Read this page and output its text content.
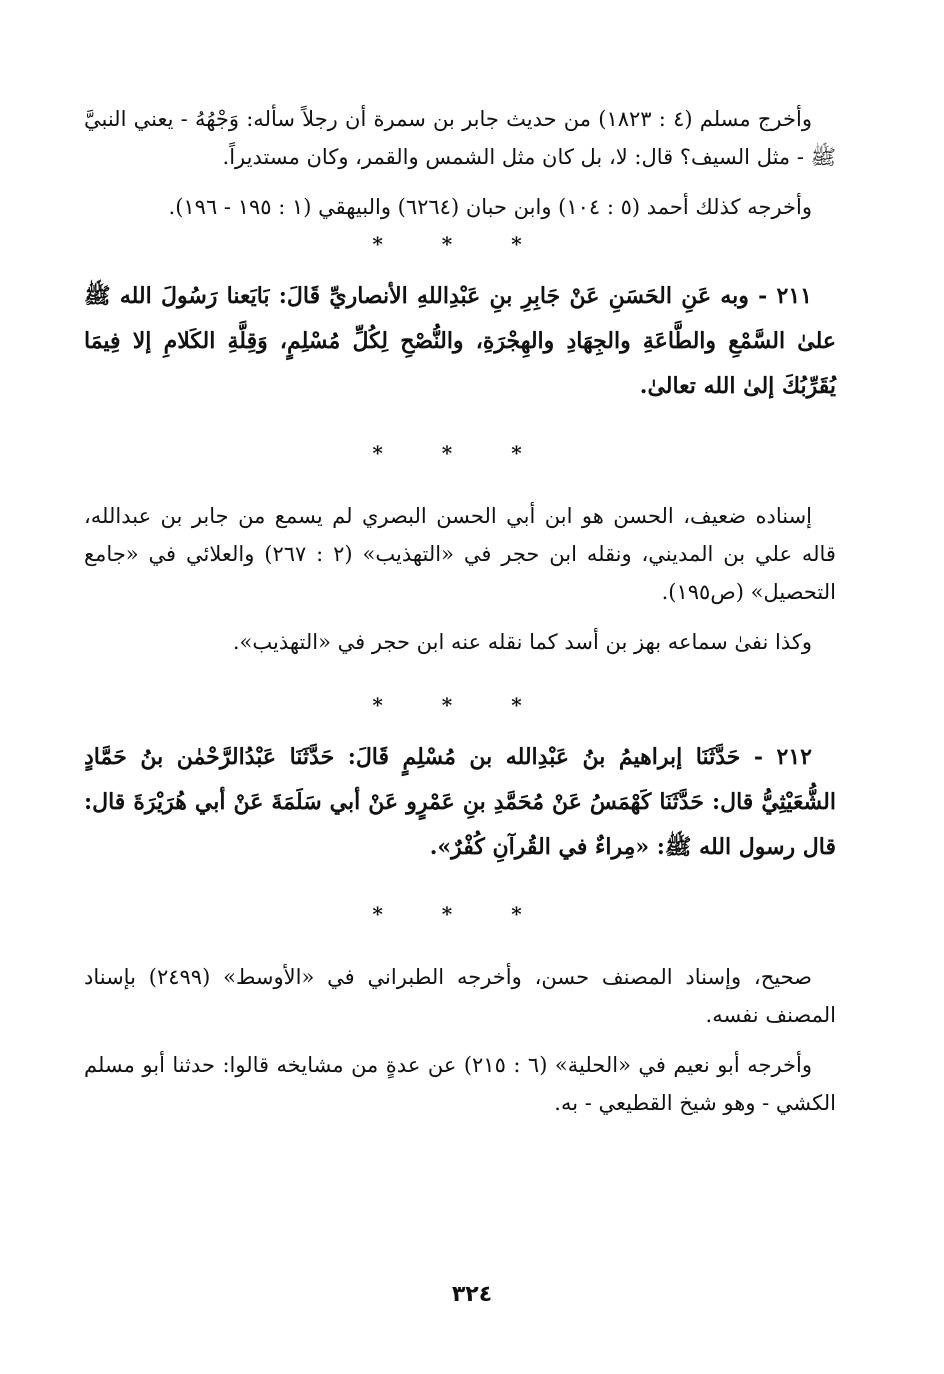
وأخرج مسلم (٤ : ١٨٢٣) من حديث جابر بن سمرة أن رجلاً سأله: وَجْهُهُ - يعني النبيَّ ﷺ - مثل السيف؟ قال: لا، بل كان مثل الشمس والقمر، وكان مستديراً.

وأخرجه كذلك أحمد (٥ : ١٠٤) وابن حبان (٦٢٦٤) والبيهقي (١ : ١٩٥ - ١٩٦).

* * *

٢١١ - وبه عَنِ الحَسَنِ عَنْ جَابِرِ بنِ عَبْدِاللهِ الأنصاريِّ قَالَ: بَايَعنا رَسُولَ الله ﷺ علىٰ السَّمْعِ والطَّاعَةِ والجِهَادِ والهِجْرَةِ، والنُّصْحِ لِكُلِّ مُسْلِمٍ، وَقِلَّةِ الكَلامِ إلا فِيمَا يُقَرِّبُكَ إلىٰ الله تعالىٰ.

* * *

إسناده ضعيف، الحسن هو ابن أبي الحسن البصري لم يسمع من جابر بن عبدالله، قاله علي بن المديني، ونقله ابن حجر في «التهذيب» (٢ : ٢٦٧) والعلائي في «جامع التحصيل» (ص١٩٥).

وكذا نفىٰ سماعه بهز بن أسد كما نقله عنه ابن حجر في «التهذيب».

* * *

٢١٢ - حَدَّثَنَا إبراهيمُ بنُ عَبْدِالله بن مُسْلِمٍ قَالَ: حَدَّثَنَا عَبْدُالرَّحْمٰن بنُ حَمَّادٍ الشُّعَيْثِيُّ قال: حَدَّثَنَا كَهْمَسُ عَنْ مُحَمَّدِ بنِ عَمْرٍو عَنْ أبي سَلَمَةَ عَنْ أبي هُرَيْرَةَ قال: قال رسول الله ﷺ: «مِراءٌ في القُرآنِ كُفْرٌ».

* * *

صحيح، وإسناد المصنف حسن، وأخرجه الطبراني في «الأوسط» (٢٤٩٩) بإسناد المصنف نفسه.

وأخرجه أبو نعيم في «الحلية» (٦ : ٢١٥) عن عدةٍ من مشايخه قالوا: حدثنا أبو مسلم الكشي - وهو شيخ القطيعي - به.

٣٢٤
